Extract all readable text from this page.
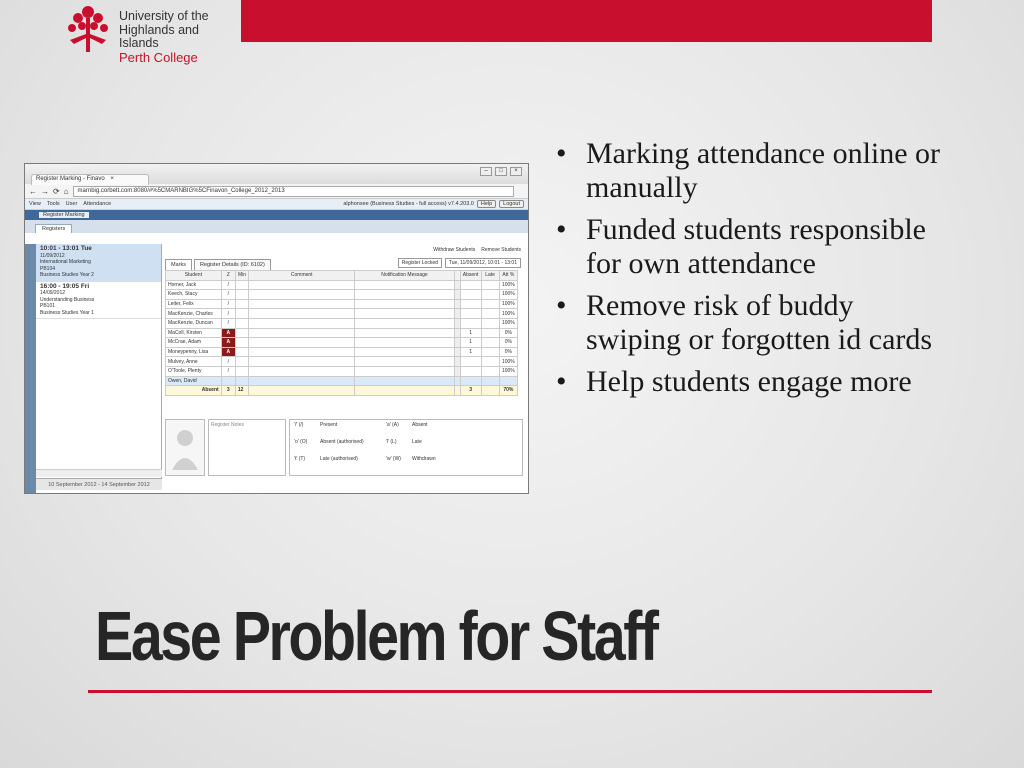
University of the
Highlands and Islands
Perth College
Register Marking - Finavo ×
–	□	×
← → ⟳ ⌂	marnbig.corbett.com:8080/#%5CMARNBIG%5CFinavon_College_2012_2013
View Tools User Attendance	alphonsee (Business Studies - full access) v7.4.203.0	Help	Logout
Register Marking
Registers
10:01 - 13:01 Tue
11/09/2012
International Marketing
PB104
Business Studies Year 2
16:00 - 19:05 Fri
14/09/2012
Understanding Business
PB101
Business Studies Year 1
10 September 2012 - 14 September 2012
Withdraw Students Remove Students
Marks	Register Details (ID: 6102)	Register Locked	Tue, 11/09/2012, 10:01 - 13:01
Student	Z	Min	Comment	Notification Message		Absent	Late	Att %
Horner, Jack	/							100%
Keech, Stacy	/							100%
Leiter, Felix	/							100%
MacKenzie, Charles	/							100%
MacKenzie, Duncan	/							100%
MaColl, Kirsten	A					1		0%
McCrae, Adam	A					1		0%
Moneypenny, Lisa	A					1		0%
Mulvey, Anne	/							100%
O'Toole, Plenty	/							100%
Owen, David								
Absent	3	12				3		70%
Register Notes	'/' (/)	Present	'a' (A)	Absent
'o' (O)	Absent (authorised)	'l' (L)	Late
't' (T)	Late (authorised)	'w' (W)	Withdrawn
• Marking attendance online or manually
• Funded students responsible for own attendance
• Remove risk of buddy swiping or forgotten id cards
• Help students engage more
Ease Problem for Staff
